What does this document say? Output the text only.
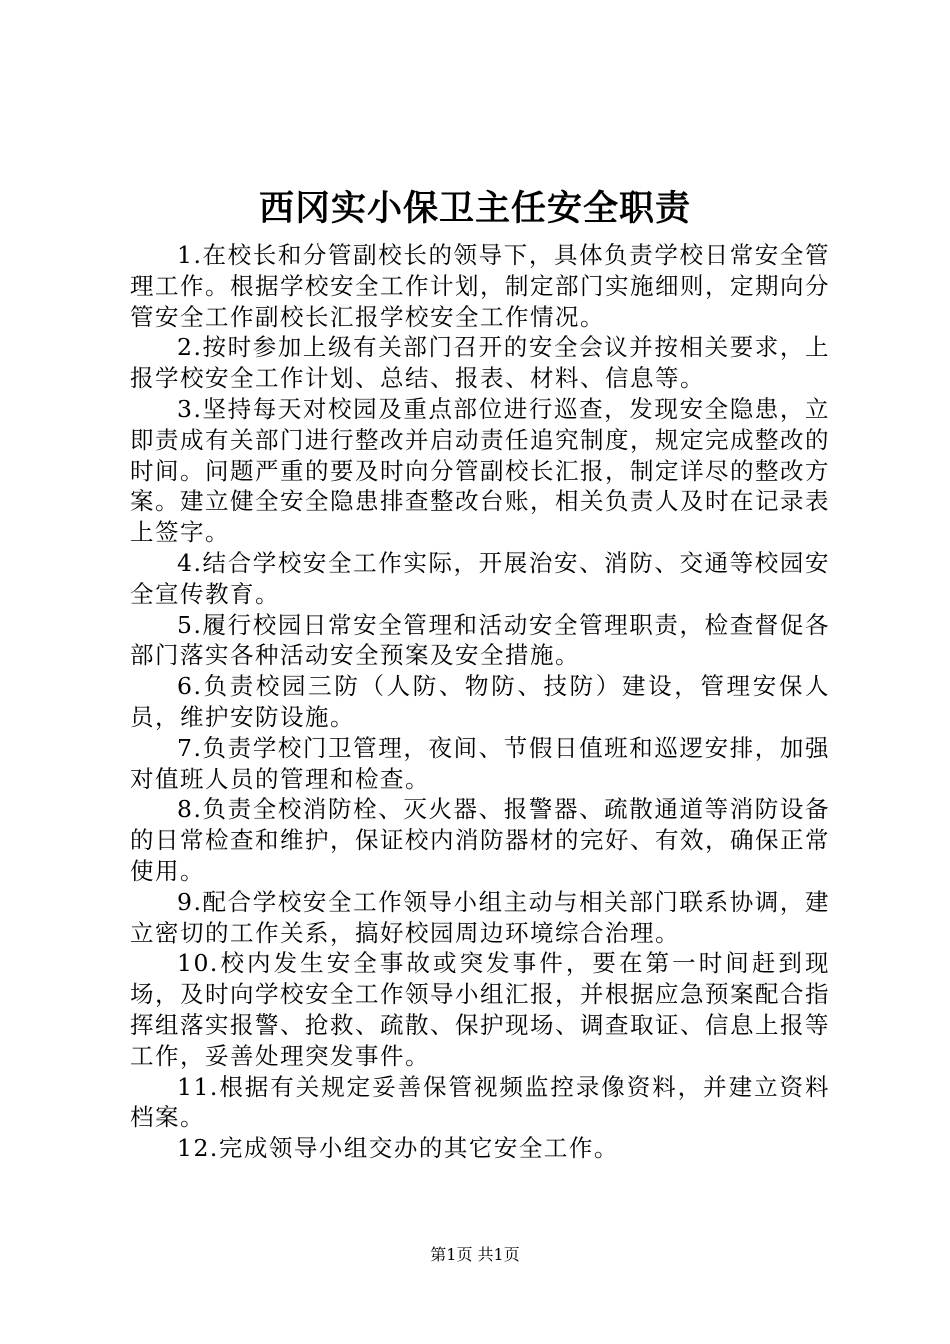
西冈实小保卫主任安全职责

1.在校长和分管副校长的领导下，具体负责学校日常安全管理工作。根据学校安全工作计划，制定部门实施细则，定期向分管安全工作副校长汇报学校安全工作情况。

2.按时参加上级有关部门召开的安全会议并按相关要求，上报学校安全工作计划、总结、报表、材料、信息等。

3.坚持每天对校园及重点部位进行巡查，发现安全隐患，立即责成有关部门进行整改并启动责任追究制度，规定完成整改的时间。问题严重的要及时向分管副校长汇报，制定详尽的整改方案。建立健全安全隐患排查整改台账，相关负责人及时在记录表上签字。

4.结合学校安全工作实际，开展治安、消防、交通等校园安全宣传教育。

5.履行校园日常安全管理和活动安全管理职责，检查督促各部门落实各种活动安全预案及安全措施。

6.负责校园三防（人防、物防、技防）建设，管理安保人员，维护安防设施。

7.负责学校门卫管理，夜间、节假日值班和巡逻安排，加强对值班人员的管理和检查。

8.负责全校消防栓、灭火器、报警器、疏散通道等消防设备的日常检查和维护，保证校内消防器材的完好、有效，确保正常使用。

9.配合学校安全工作领导小组主动与相关部门联系协调，建立密切的工作关系，搞好校园周边环境综合治理。

10.校内发生安全事故或突发事件，要在第一时间赶到现场，及时向学校安全工作领导小组汇报，并根据应急预案配合指挥组落实报警、抢救、疏散、保护现场、调查取证、信息上报等工作，妥善处理突发事件。

11.根据有关规定妥善保管视频监控录像资料，并建立资料档案。

12.完成领导小组交办的其它安全工作。

第1页 共1页
